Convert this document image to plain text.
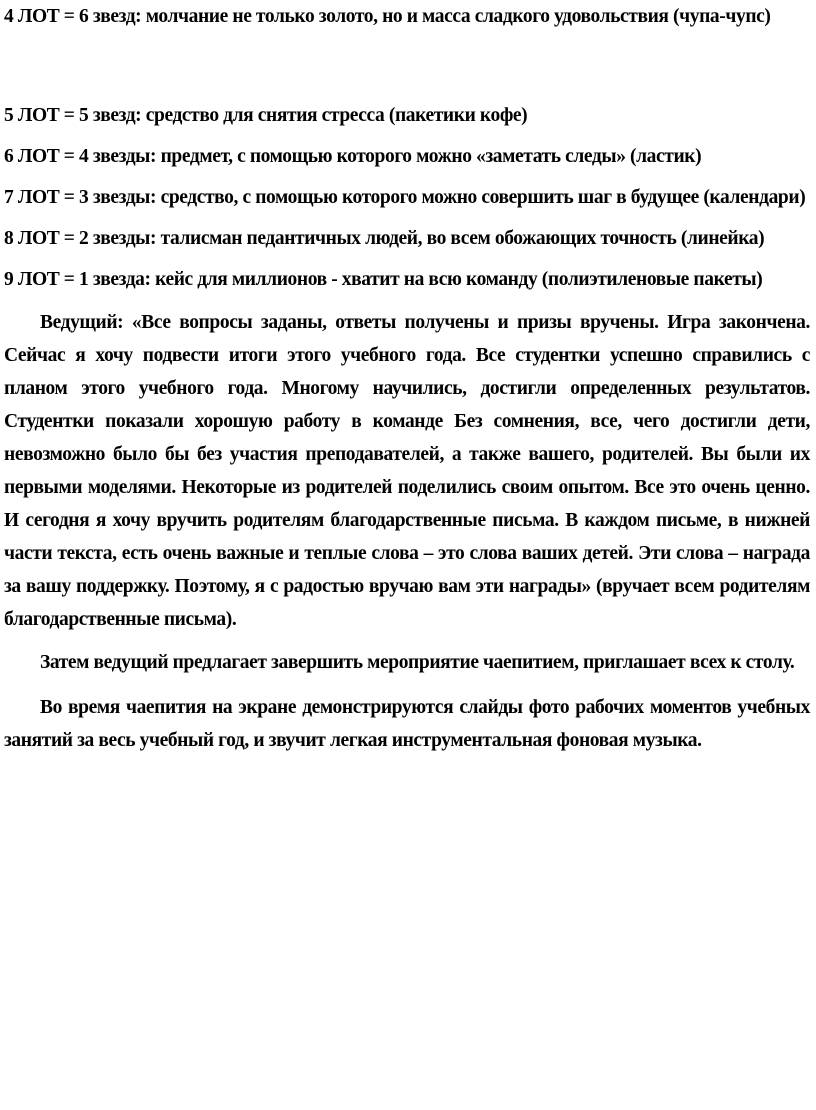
4 ЛОТ = 6 звезд: молчание не только золото, но и масса сладкого удовольствия (чупа-чупс)

5 ЛОТ = 5 звезд: средство для снятия стресса (пакетики кофе)

6 ЛОТ = 4 звезды: предмет, с помощью которого можно «заметать следы» (ластик)

7 ЛОТ = 3 звезды: средство, с помощью которого можно совершить шаг в будущее (календари)

8 ЛОТ = 2 звезды: талисман педантичных людей, во всем обожающих точность (линейка)

9 ЛОТ = 1 звезда: кейс для миллионов - хватит на всю команду (полиэтиленовые пакеты)

Ведущий: «Все вопросы заданы, ответы получены и призы вручены. Игра закончена. Сейчас я хочу подвести итоги этого учебного года. Все студентки успешно справились с планом этого учебного года. Многому научились, достигли определенных результатов. Студентки показали хорошую работу в команде Без сомнения, все, чего достигли дети, невозможно было бы без участия преподавателей, а также вашего, родителей. Вы были их первыми моделями. Некоторые из родителей поделились своим опытом. Все это очень ценно. И сегодня я хочу вручить родителям благодарственные письма. В каждом письме, в нижней части текста, есть очень важные и теплые слова – это слова ваших детей. Эти слова – награда за вашу поддержку. Поэтому, я с радостью вручаю вам эти награды» (вручает всем родителям благодарственные письма).

Затем ведущий предлагает завершить мероприятие чаепитием, приглашает всех к столу.

Во время чаепития на экране демонстрируются слайды фото рабочих моментов учебных занятий за весь учебный год, и звучит легкая инструментальная фоновая музыка.
